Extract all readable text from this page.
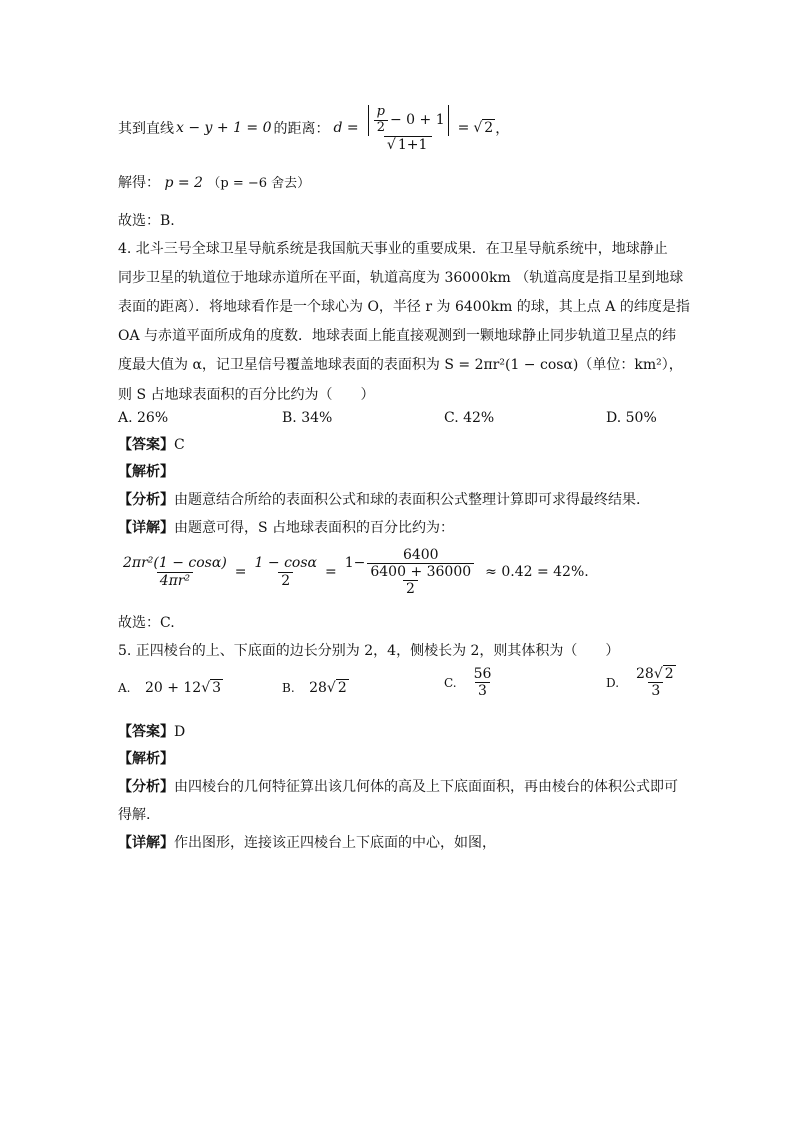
其到直线 x − y + 1 = 0 的距离： $d = \frac{\frac{p}{2} - 0 + 1}{√ 1+1}$ = √ 2 ，
解得： p = 2 （p = −6 舍去）
故选：B.
4. 北斗三号全球卫星导航系统是我国航天事业的重要成果．在卫星导航系统中，地球静止
同步卫星的轨道位于地球赤道所在平面，轨道高度为 36000km （轨道高度是指卫星到地球
表面的距离）．将地球看作是一个球心为 O，半径 r 为 6400km 的球，其上点 A 的纬度是指
OA 与赤道平面所成角的度数．地球表面上能直接观测到一颗地球静止同步轨道卫星点的纬
度最大值为 α，记卫星信号覆盖地球表面的表面积为 S = 2πr²(1 − cosα)（单位：km²），
则 S 占地球表面积的百分比约为（　　）
A. 26%	B. 34%	C. 42%	D. 50%
【答案】C
【解析】
【分析】由题意结合所给的表面积公式和球的表面积公式整理计算即可求得最终结果.
【详解】由题意可得，S 占地球表面积的百分比约为：
$\frac{\text{2πr²(1 − cosα)}}{\text{4πr²}} = \frac{1 - \cos\alpha}{2} = \frac{1- \frac{6400}{6400 + 36000}}{2} \approx 0.42 = 42\%$ .
故选：C.
5. 正四棱台的上、下底面的边长分别为 2，4，侧棱长为 2，则其体积为（　　）
A. 20 + 12√ 3	B. 28√ 2	C. $\frac{56}{3}$	D. $\frac{28√ 2}{3}$
【答案】D
【解析】
【分析】由四棱台的几何特征算出该几何体的高及上下底面面积，再由棱台的体积公式即可
得解.
【详解】作出图形，连接该正四棱台上下底面的中心，如图，
